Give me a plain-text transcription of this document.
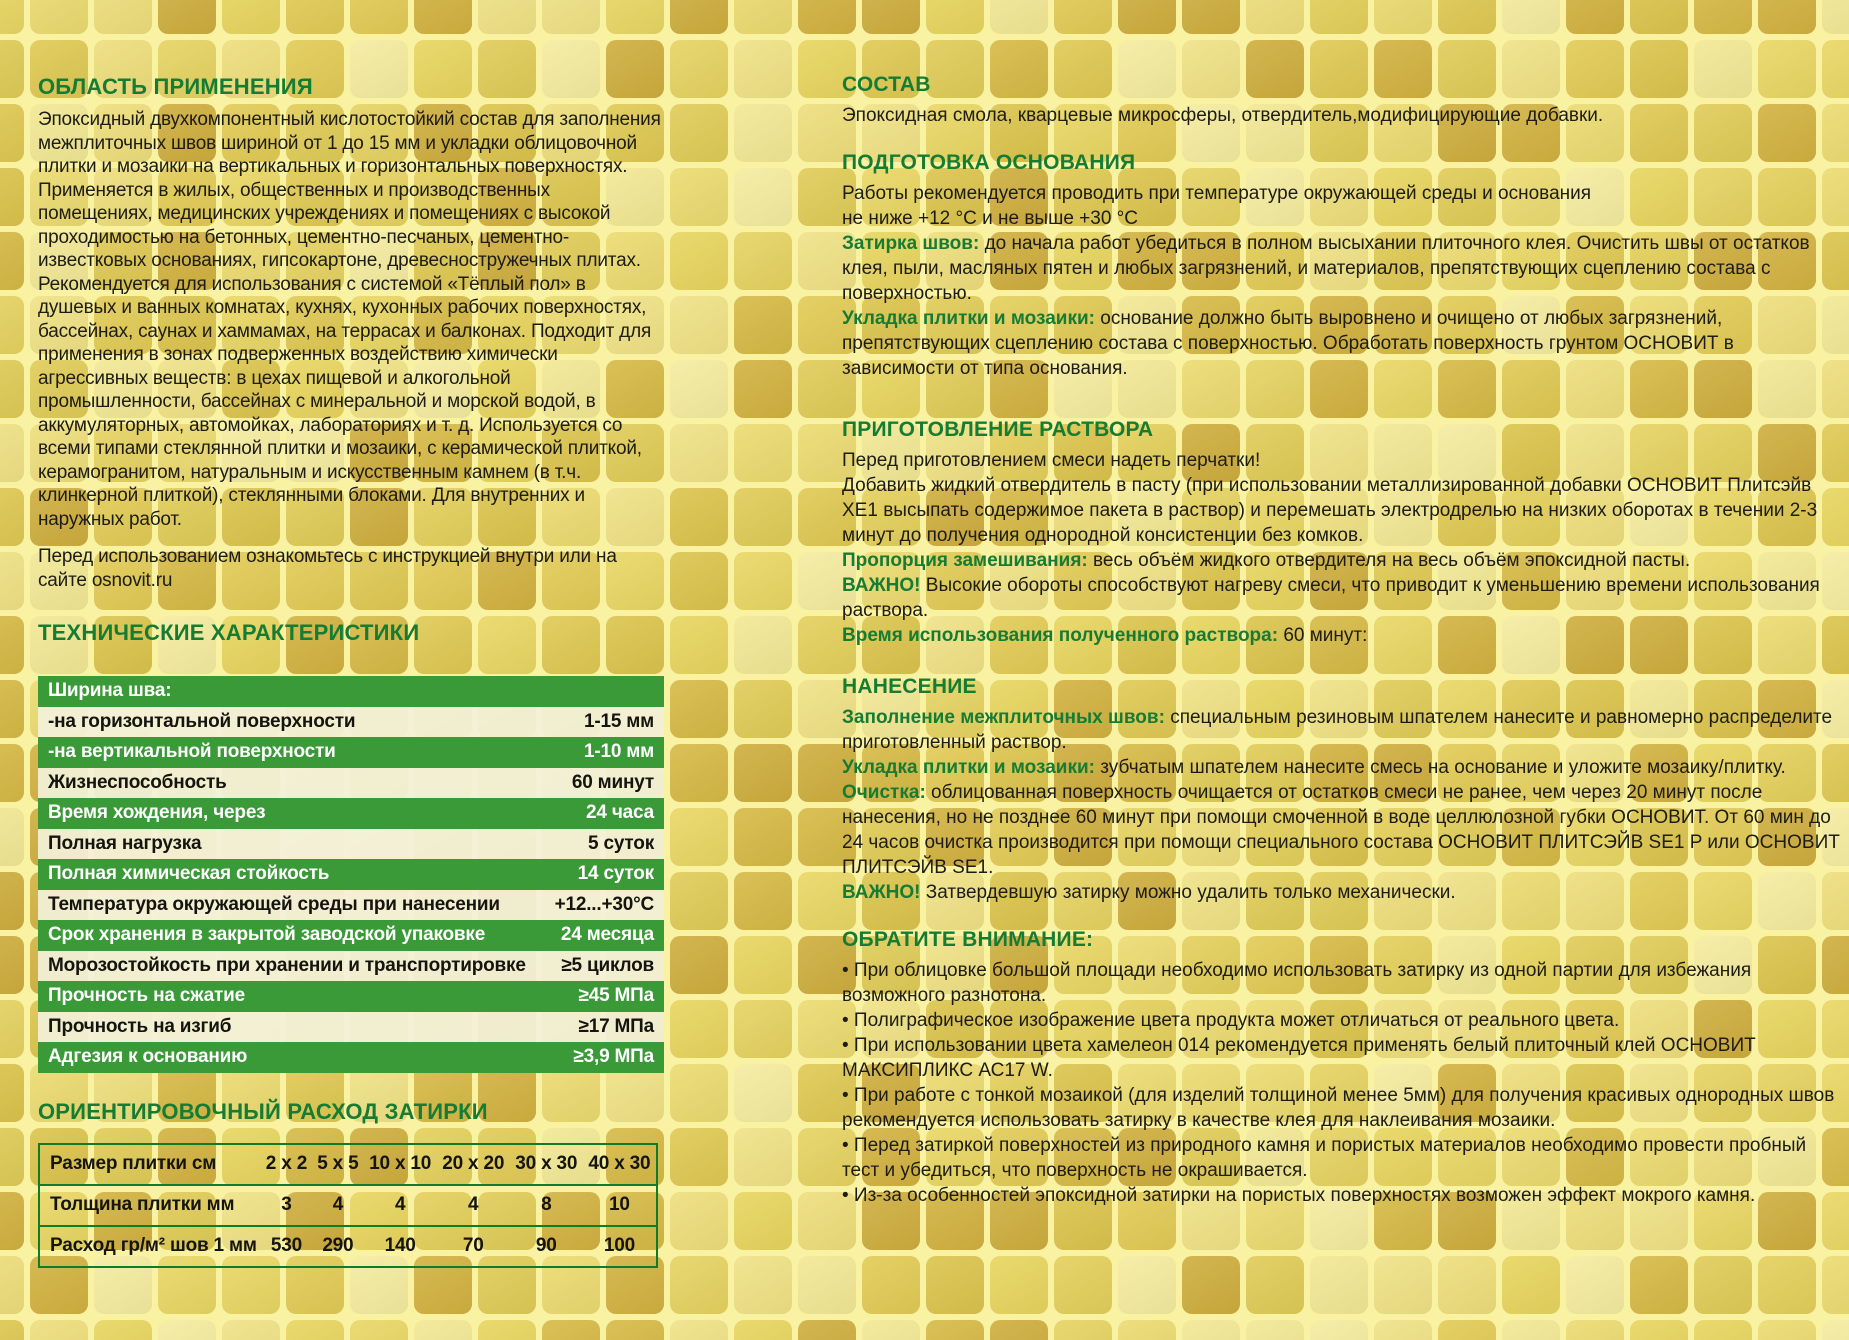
ОБЛАСТЬ ПРИМЕНЕНИЯ

Эпоксидный двухкомпонентный кислотостойкий состав для заполнения межплиточных швов шириной от 1 до 15 мм и укладки облицовочной плитки и мозаики на вертикальных и горизонтальных поверхностях. Применяется в жилых, общественных и производственных помещениях, медицинских учреждениях и помещениях с высокой проходимостью на бетонных, цементно-песчаных, цементно-известковых основаниях, гипсокартоне, древесностружечных плитах.

Рекомендуется для использования с системой «Тёплый пол» в душевых и ванных комнатах, кухнях, кухонных рабочих поверхностях, бассейнах, саунах и хаммамах, на террасах и балконах. Подходит для применения в зонах подверженных воздействию химически агрессивных веществ: в цехах пищевой и алкогольной промышленности, бассейнах с минеральной и морской водой, в аккумуляторных, автомойках, лабораториях и т. д. Используется со всеми типами стеклянной плитки и мозаики, с керамической плиткой, керамогранитом, натуральным и искусственным камнем (в т.ч. клинкерной плиткой), стеклянными блоками. Для внутренних и наружных работ.

Перед использованием ознакомьтесь с инструкцией внутри или на сайте osnovit.ru

ТЕХНИЧЕСКИЕ ХАРАКТЕРИСТИКИ
Ширина шва:
-на горизонтальной поверхности	1-15 мм
-на вертикальной поверхности	1-10 мм
Жизнеспособность	60 минут
Время хождения, через	24 часа
Полная нагрузка	5 суток
Полная химическая стойкость	14 суток
Температура окружающей среды при нанесении	+12...+30°С
Срок хранения в закрытой заводской упаковке	24 месяца
Морозостойкость при хранении и транспортировке ≥5 циклов
Прочность на сжатие	≥45 МПа
Прочность на изгиб	≥17 МПа
Адгезия к основанию	≥3,9 МПа
ОРИЕНТИРОВОЧНЫЙ РАСХОД ЗАТИРКИ
Размер плитки см	2 x 2	5 x 5	10 x 10	20 x 20	30 x 30	40 x 30
Толщина плитки мм	3	4	4	4	8	10
Расход гр/м² шов 1 мм	530	290	140	70	90	100
СОСТАВ

Эпоксидная смола, кварцевые микросферы, отвердитель,модифицирующие добавки.

ПОДГОТОВКА ОСНОВАНИЯ

Работы рекомендуется проводить при температуре окружающей среды и основания

не ниже +12 °C и не выше +30 °C

Затирка швов: до начала работ убедиться в полном высыхании плиточного клея. Очистить швы от остатков клея, пыли, масляных пятен и любых загрязнений, и материалов, препятствующих сцеплению состава с поверхностью.

Укладка плитки и мозаики: основание должно быть выровнено и очищено от любых загрязнений, препятствующих сцеплению состава с поверхностью. Обработать поверхность грунтом ОСНОВИТ в зависимости от типа основания.

ПРИГОТОВЛЕНИЕ РАСТВОРА

Перед приготовлением смеси надеть перчатки!

Добавить жидкий отвердитель в пасту (при использовании металлизированной добавки ОСНОВИТ Плитсэйв ХЕ1 высыпать содержимое пакета в раствор) и перемешать электродрелью на низких оборотах в течении 2-3 минут до получения однородной консистенции без комков.

Пропорция замешивания: весь объём жидкого отвердителя на весь объём эпоксидной пасты.

ВАЖНО! Высокие обороты способствуют нагреву смеси, что приводит к уменьшению времени использования раствора.

Время использования полученного раствора: 60 минут:

НАНЕСЕНИЕ

Заполнение межплиточных швов: специальным резиновым шпателем нанесите и равномерно распределите приготовленный раствор.

Укладка плитки и мозаики: зубчатым шпателем нанесите смесь на основание и уложите мозаику/плитку.

Очистка: облицованная поверхность очищается от остатков смеси не ранее, чем через 20 минут после нанесения, но не позднее 60 минут при помощи смоченной в воде целлюлозной губки ОСНОВИТ. От 60 мин до 24 часов очистка производится при помощи специального состава ОСНОВИТ ПЛИТСЭЙВ SE1 P или ОСНОВИТ ПЛИТСЭЙВ SE1.

ВАЖНО! Затвердевшую затирку можно удалить только механически.

ОБРАТИТЕ ВНИМАНИЕ:

• При облицовке большой площади необходимо использовать затирку из одной партии для избежания возможного разнотона.

• Полиграфическое изображение цвета продукта может отличаться от реального цвета.

• При использовании цвета хамелеон 014 рекомендуется применять белый плиточный клей ОСНОВИТ МАКСИПЛИКС АС17 W.

• При работе с тонкой мозаикой (для изделий толщиной менее 5мм) для получения красивых однородных швов рекомендуется использовать затирку в качестве клея для наклеивания мозаики.

• Перед затиркой поверхностей из природного камня и пористых материалов необходимо провести пробный тест и убедиться, что поверхность не окрашивается.

• Из-за особенностей эпоксидной затирки на пористых поверхностях возможен эффект мокрого камня.
